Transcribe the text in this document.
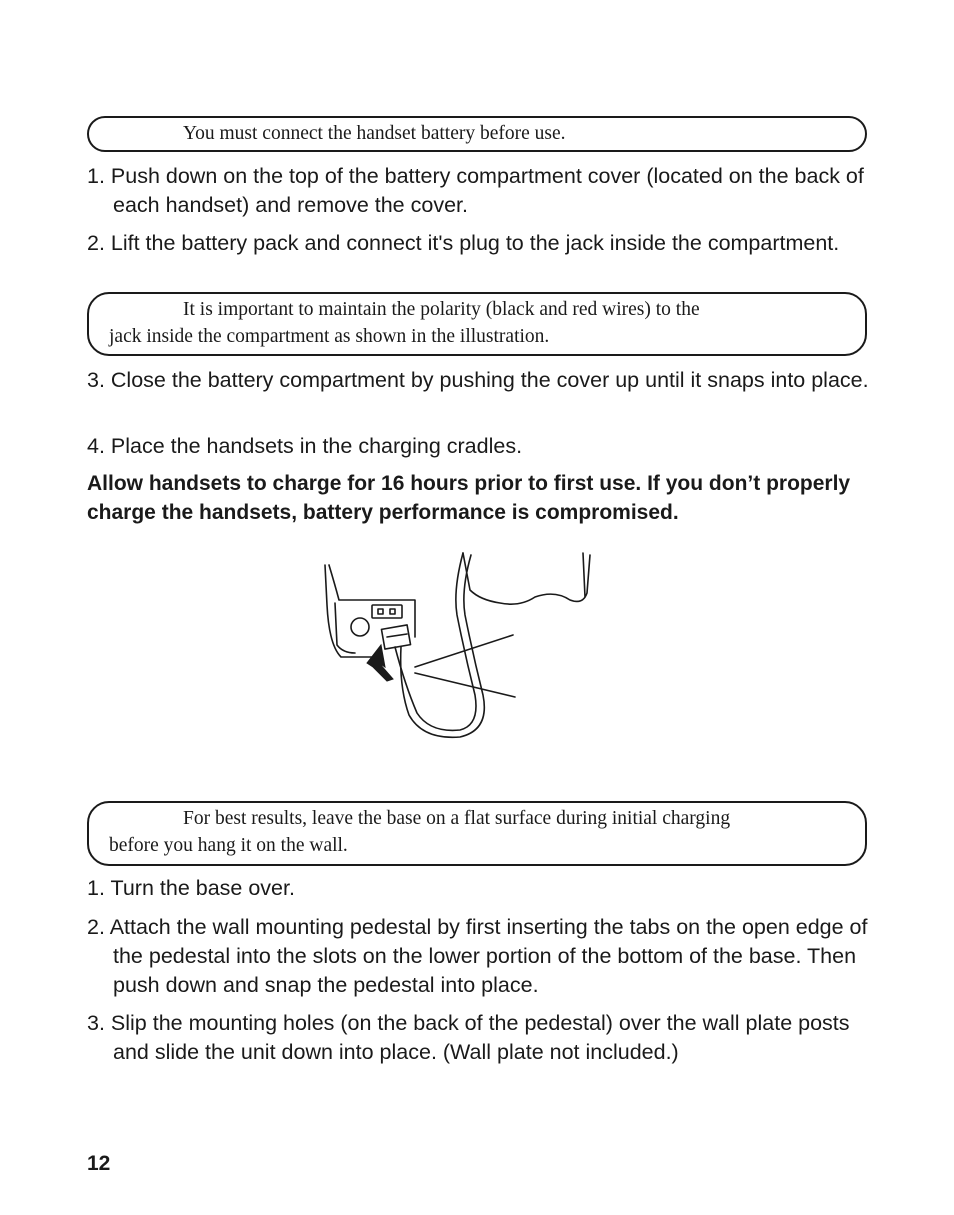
You must connect the handset battery before use.
1. Push down on the top of the battery compartment cover (located on the back of each handset) and remove the cover.
2. Lift the battery pack and connect it's plug to the jack inside the compartment.
It is important to maintain the polarity (black and red wires) to the
jack inside the compartment as shown in the illustration.
3. Close the battery compartment by pushing the cover up until it snaps into place.
4. Place the handsets in the charging cradles.
Allow handsets to charge for 16 hours prior to first use. If you don’t properly charge the handsets, battery performance is compromised.
For best results, leave the base on a flat surface during initial charging
before you hang it on the wall.
1. Turn the base over.
2. Attach the wall mounting pedestal by first inserting the tabs on the open edge of the pedestal into the slots on the lower portion of the bottom of the base. Then push down and snap the pedestal into place.
3. Slip the mounting holes (on the back of the pedestal) over the wall plate posts and slide the unit down into place. (Wall plate not included.)
12
